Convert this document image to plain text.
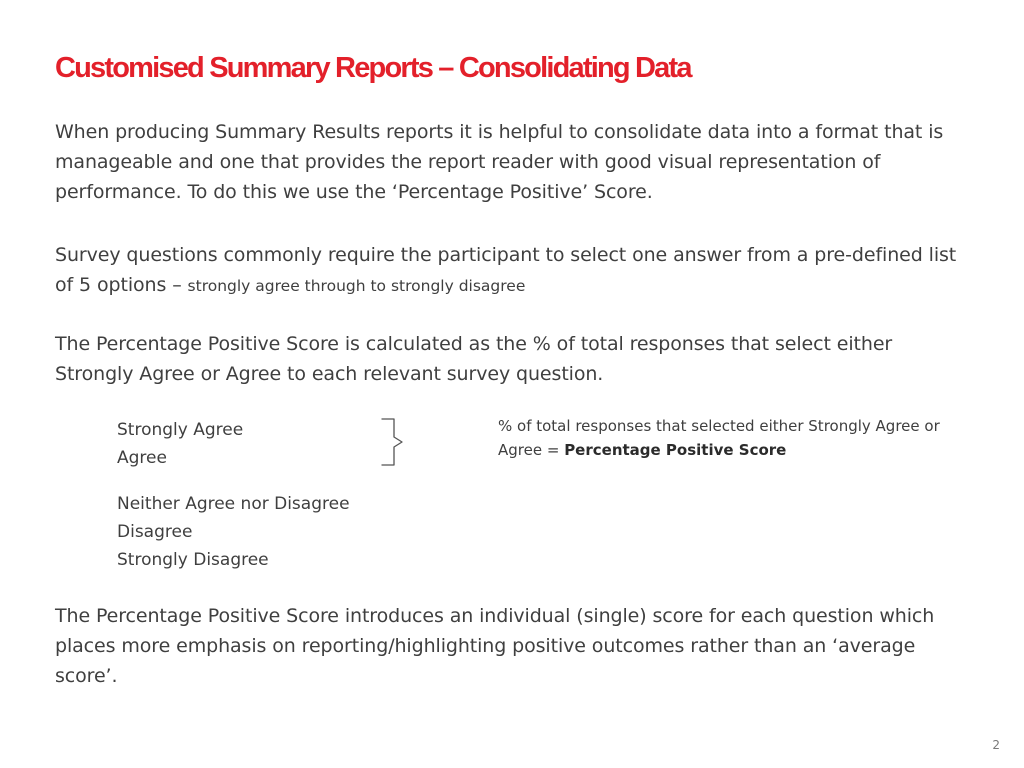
Customised Summary Reports – Consolidating Data

When producing Summary Results reports it is helpful to consolidate data into a format that is manageable and one that provides the report reader with good visual representation of performance. To do this we use the ‘Percentage Positive’ Score.

Survey questions commonly require the participant to select one answer from a pre-defined list of 5 options – strongly agree through to strongly disagree

The Percentage Positive Score is calculated as the % of total responses that select either Strongly Agree or Agree to each relevant survey question.

Strongly Agree
Agree

% of total responses that selected either Strongly Agree or Agree = Percentage Positive Score

Neither Agree nor Disagree
Disagree
Strongly Disagree

The Percentage Positive Score introduces an individual (single) score for each question which places more emphasis on reporting/highlighting positive outcomes rather than an ‘average score’.

2
